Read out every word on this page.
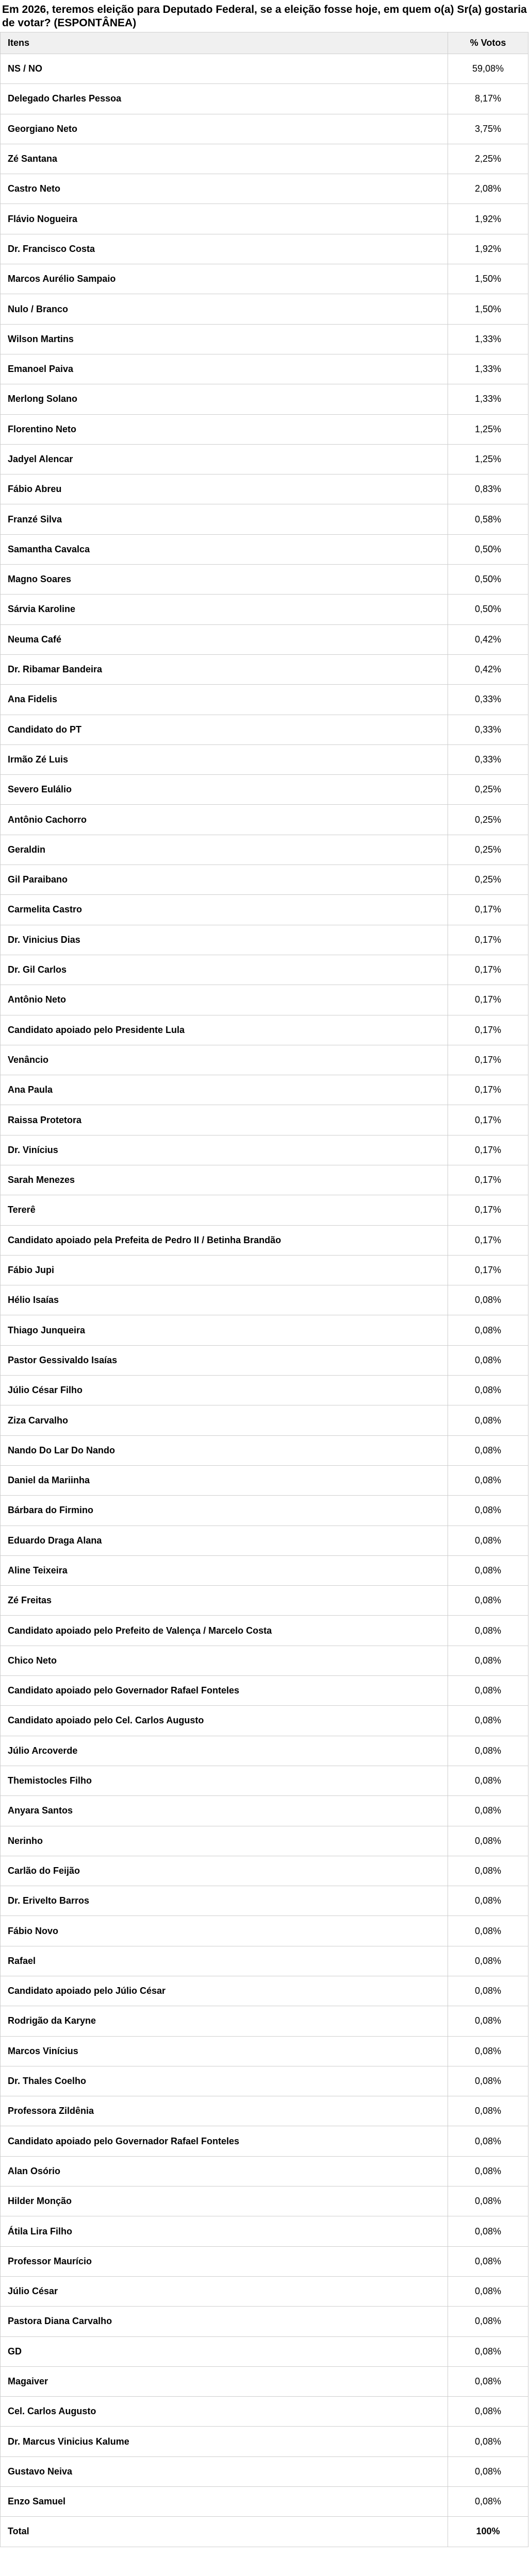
Em 2026, teremos eleição para Deputado Federal, se a eleição fosse hoje, em quem o(a) Sr(a) gostaria de votar? (ESPONTÂNEA)
Itens	% Votos
NS / NO	59,08%
Delegado Charles Pessoa	8,17%
Georgiano Neto	3,75%
Zé Santana	2,25%
Castro Neto	2,08%
Flávio Nogueira	1,92%
Dr. Francisco Costa	1,92%
Marcos Aurélio Sampaio	1,50%
Nulo / Branco	1,50%
Wilson Martins	1,33%
Emanoel Paiva	1,33%
Merlong Solano	1,33%
Florentino Neto	1,25%
Jadyel Alencar	1,25%
Fábio Abreu	0,83%
Franzé Silva	0,58%
Samantha Cavalca	0,50%
Magno Soares	0,50%
Sárvia Karoline	0,50%
Neuma Café	0,42%
Dr. Ribamar Bandeira	0,42%
Ana Fidelis	0,33%
Candidato do PT	0,33%
Irmão Zé Luis	0,33%
Severo Eulálio	0,25%
Antônio Cachorro	0,25%
Geraldin	0,25%
Gil Paraibano	0,25%
Carmelita Castro	0,17%
Dr. Vinicius Dias	0,17%
Dr. Gil Carlos	0,17%
Antônio Neto	0,17%
Candidato apoiado pelo Presidente Lula	0,17%
Venâncio	0,17%
Ana Paula	0,17%
Raissa Protetora	0,17%
Dr. Vinícius	0,17%
Sarah Menezes	0,17%
Tererê	0,17%
Candidato apoiado pela Prefeita de Pedro II / Betinha Brandão	0,17%
Fábio Jupi	0,17%
Hélio Isaías	0,08%
Thiago Junqueira	0,08%
Pastor Gessivaldo Isaías	0,08%
Júlio César Filho	0,08%
Ziza Carvalho	0,08%
Nando Do Lar Do Nando	0,08%
Daniel da Mariinha	0,08%
Bárbara do Firmino	0,08%
Eduardo Draga Alana	0,08%
Aline Teixeira	0,08%
Zé Freitas	0,08%
Candidato apoiado pelo Prefeito de Valença / Marcelo Costa	0,08%
Chico Neto	0,08%
Candidato apoiado pelo Governador Rafael Fonteles	0,08%
Candidato apoiado pelo Cel. Carlos Augusto	0,08%
Júlio Arcoverde	0,08%
Themistocles Filho	0,08%
Anyara Santos	0,08%
Nerinho	0,08%
Carlão do Feijão	0,08%
Dr. Erivelto Barros	0,08%
Fábio Novo	0,08%
Rafael	0,08%
Candidato apoiado pelo Júlio César	0,08%
Rodrigão da Karyne	0,08%
Marcos Vinícius	0,08%
Dr. Thales Coelho	0,08%
Professora Zildênia	0,08%
Candidato apoiado pelo Governador Rafael Fonteles	0,08%
Alan Osório	0,08%
Hilder Monção	0,08%
Átila Lira Filho	0,08%
Professor Maurício	0,08%
Júlio César	0,08%
Pastora Diana Carvalho	0,08%
GD	0,08%
Magaiver	0,08%
Cel. Carlos Augusto	0,08%
Dr. Marcus Vinicius Kalume	0,08%
Gustavo Neiva	0,08%
Enzo Samuel	0,08%
Total	100%
